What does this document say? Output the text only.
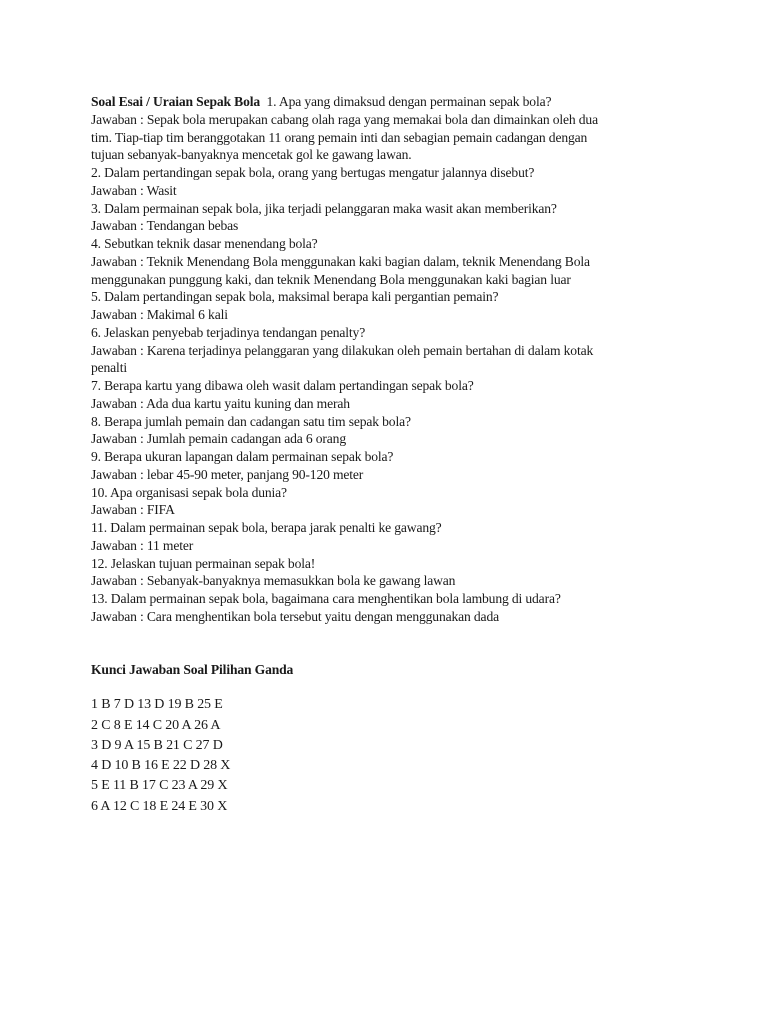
Soal Esai / Uraian Sepak Bola 1. Apa yang dimaksud dengan permainan sepak bola?
Jawaban : Sepak bola merupakan cabang olah raga yang memakai bola dan dimainkan oleh dua
tim. Tiap-tiap tim beranggotakan 11 orang pemain inti dan sebagian pemain cadangan dengan
tujuan sebanyak-banyaknya mencetak gol ke gawang lawan.
2. Dalam pertandingan sepak bola, orang yang bertugas mengatur jalannya disebut?
Jawaban : Wasit
3. Dalam permainan sepak bola, jika terjadi pelanggaran maka wasit akan memberikan?
Jawaban : Tendangan bebas
4. Sebutkan teknik dasar menendang bola?
Jawaban : Teknik Menendang Bola menggunakan kaki bagian dalam, teknik Menendang Bola
menggunakan punggung kaki, dan teknik Menendang Bola menggunakan kaki bagian luar
5. Dalam pertandingan sepak bola, maksimal berapa kali pergantian pemain?
Jawaban : Makimal 6 kali
6. Jelaskan penyebab terjadinya tendangan penalty?
Jawaban : Karena terjadinya pelanggaran yang dilakukan oleh pemain bertahan di dalam kotak
penalti
7. Berapa kartu yang dibawa oleh wasit dalam pertandingan sepak bola?
Jawaban : Ada dua kartu yaitu kuning dan merah
8. Berapa jumlah pemain dan cadangan satu tim sepak bola?
Jawaban : Jumlah pemain cadangan ada 6 orang
9. Berapa ukuran lapangan dalam permainan sepak bola?
Jawaban : lebar 45-90 meter, panjang 90-120 meter
10. Apa organisasi sepak bola dunia?
Jawaban : FIFA
11. Dalam permainan sepak bola, berapa jarak penalti ke gawang?
Jawaban : 11 meter
12. Jelaskan tujuan permainan sepak bola!
Jawaban : Sebanyak-banyaknya memasukkan bola ke gawang lawan
13. Dalam permainan sepak bola, bagaimana cara menghentikan bola lambung di udara?
Jawaban : Cara menghentikan bola tersebut yaitu dengan menggunakan dada
Kunci Jawaban Soal Pilihan Ganda
1 B 7 D 13 D 19 B 25 E
2 C 8 E 14 C 20 A 26 A
3 D 9 A 15 B 21 C 27 D
4 D 10 B 16 E 22 D 28 X
5 E 11 B 17 C 23 A 29 X
6 A 12 C 18 E 24 E 30 X
